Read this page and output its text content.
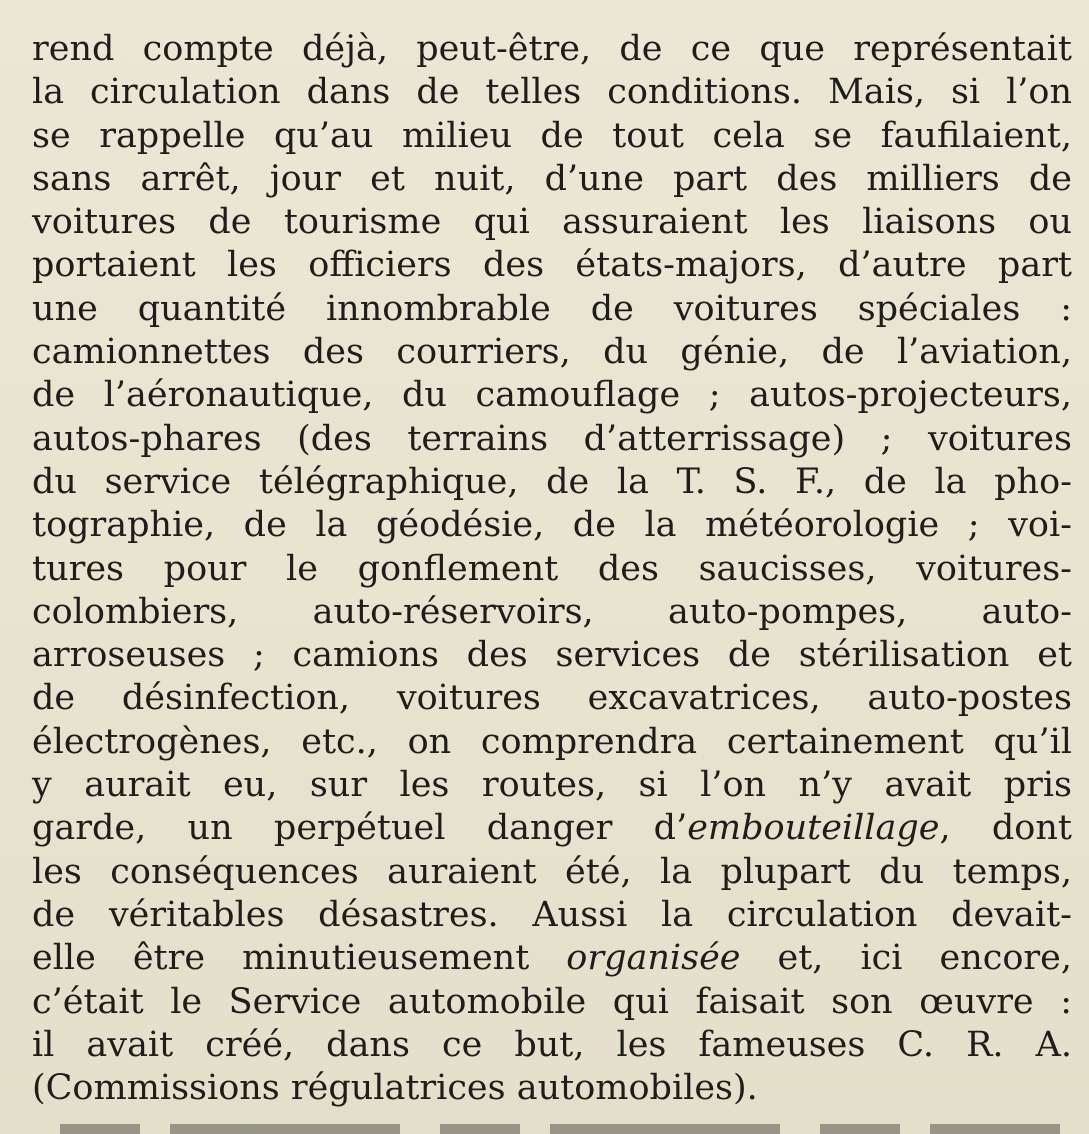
rend compte déjà, peut-être, de ce que représentait
la circulation dans de telles conditions. Mais, si l’on
se rappelle qu’au milieu de tout cela se faufilaient,
sans arrêt, jour et nuit, d’une part des milliers de
voitures de tourisme qui assuraient les liaisons ou
portaient les officiers des états-majors, d’autre part
une quantité innombrable de voitures spéciales :
camionnettes des courriers, du génie, de l’aviation,
de l’aéronautique, du camouflage ; autos-projecteurs,
autos-phares (des terrains d’atterrissage) ; voitures
du service télégraphique, de la T. S. F., de la pho-
tographie, de la géodésie, de la météorologie ; voi-
tures pour le gonflement des saucisses, voitures-
colombiers, auto-réservoirs, auto-pompes, auto-
arroseuses ; camions des services de stérilisation et
de désinfection, voitures excavatrices, auto-postes
électrogènes, etc., on comprendra certainement qu’il
y aurait eu, sur les routes, si l’on n’y avait pris
garde, un perpétuel danger d’embouteillage, dont
les conséquences auraient été, la plupart du temps,
de véritables désastres. Aussi la circulation devait-
elle être minutieusement organisée et, ici encore,
c’était le Service automobile qui faisait son œuvre :
il avait créé, dans ce but, les fameuses C. R. A.
(Commissions régulatrices automobiles).
